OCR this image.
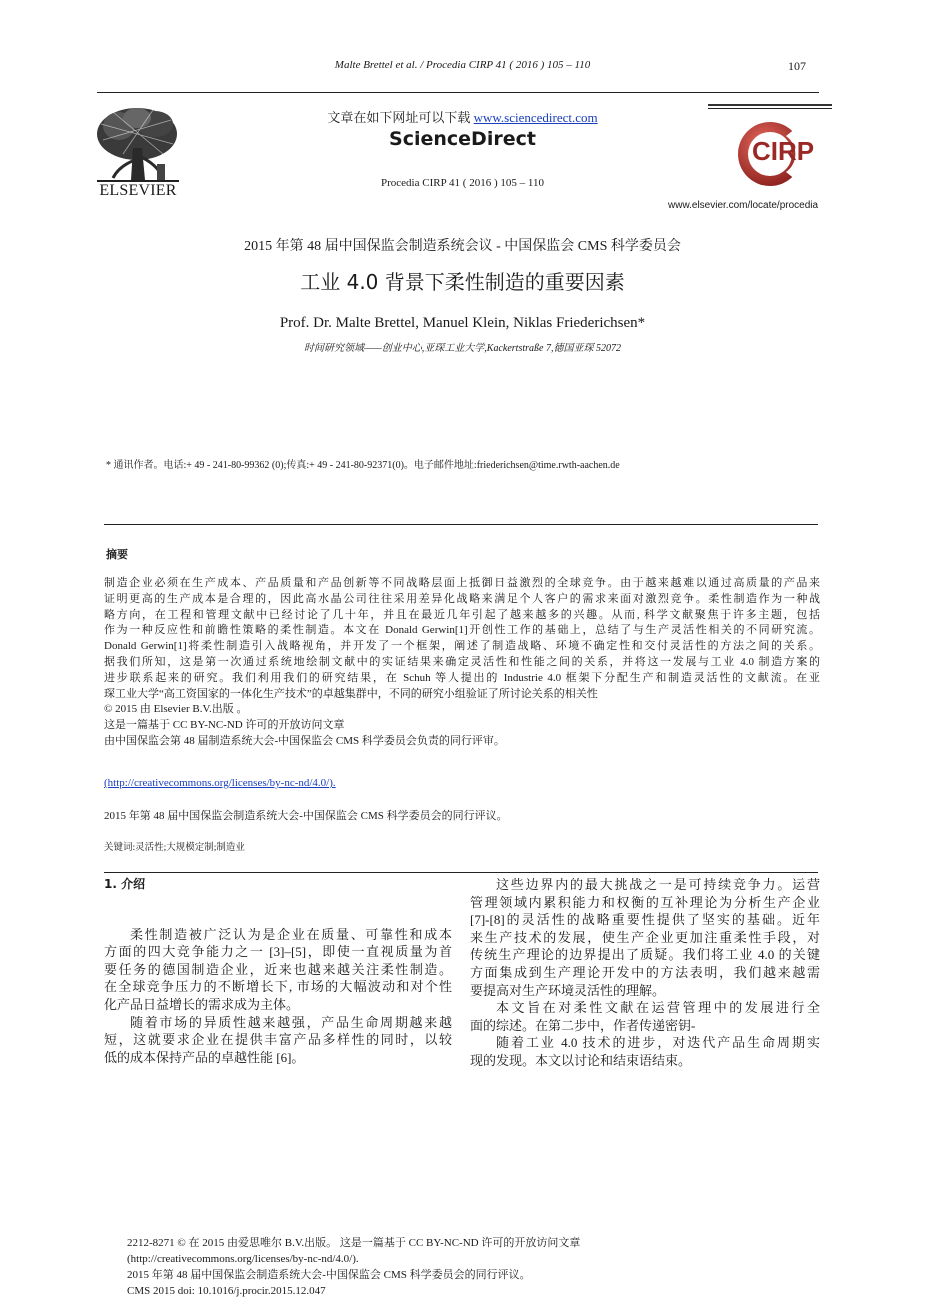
Malte Brettel et al. / Procedia CIRP 41 ( 2016 ) 105 – 110	107
ELSEVIER
文章在如下网址可以下载 www.sciencedirect.com
ScienceDirect
Procedia CIRP 41 ( 2016 ) 105 – 110
CIRP
www.elsevier.com/locate/procedia
2015 年第 48 届中国保监会制造系统会议 - 中国保监会 CMS 科学委员会
工业 4.0 背景下柔性制造的重要因素
Prof. Dr. Malte Brettel, Manuel Klein, Niklas Friederichsen*
时间研究领域——创业中心,亚琛工业大学,Kackertstraße 7,德国亚琛 52072
* 通讯作者。电话:+ 49 - 241-80-99362 (0);传真:+ 49 - 241-80-92371(0)。电子邮件地址:friederichsen@time.rwth-aachen.de
摘要

制造企业必须在生产成本、产品质量和产品创新等不同战略层面上抵御日益激烈的全球竞争。由于越来越难以通过高质量的产品来

证明更高的生产成本是合理的，因此高水晶公司往往采用差异化战略来满足个人客户的需求来面对激烈竞争。柔性制造作为一种战

略方向，在工程和管理文献中已经讨论了几十年，并且在最近几年引起了越来越多的兴趣。从而, 科学文献聚焦于许多主题，包括

作为一种反应性和前瞻性策略的柔性制造。本文在 Donald Gerwin[1]开创性工作的基础上，总结了与生产灵活性相关的不同研究流。

Donald Gerwin[1]将柔性制造引入战略视角，并开发了一个框架，阐述了制造战略、环境不确定性和交付灵活性的方法之间的关系。

据我们所知，这是第一次通过系统地绘制文献中的实证结果来确定灵活性和性能之间的关系，并将这一发展与工业 4.0 制造方案的

进步联系起来的研究。我们利用我们的研究结果，在 Schuh 等人提出的 Industrie 4.0 框架下分配生产和制造灵活性的文献流。在亚

琛工业大学“高工资国家的一体化生产技术”的卓越集群中，不同的研究小组验证了所讨论关系的相关性

© 2015 由 Elsevier B.V.出版 。

这是一篇基于 CC BY-NC-ND 许可的开放访问文章

由中国保监会第 48 届制造系统大会-中国保监会 CMS 科学委员会负责的同行评审。

(http://creativecommons.org/licenses/by-nc-nd/4.0/).
2015 年第 48 届中国保监会制造系统大会-中国保监会 CMS 科学委员会的同行评议。
关键词:灵活性;大规模定制;制造业

1. 介绍

柔性制造被广泛认为是企业在质量、可靠性和成本

方面的四大竞争能力之一 [3]–[5]，即使一直视质量为首

要任务的德国制造企业，近来也越来越关注柔性制造。

在全球竞争压力的不断增长下, 市场的大幅波动和对个性

化产品日益增长的需求成为主体。

随着市场的异质性越来越强，产品生命周期越来越

短，这就要求企业在提供丰富产品多样性的同时，以较

低的成本保持产品的卓越性能 [6]。

这些边界内的最大挑战之一是可持续竞争力。运营

管理领域内累积能力和权衡的互补理论为分析生产企业

[7]-[8]的灵活性的战略重要性提供了坚实的基础。近年

来生产技术的发展，使生产企业更加注重柔性手段，对

传统生产理论的边界提出了质疑。我们将工业 4.0 的关键

方面集成到生产理论开发中的方法表明，我们越来越需

要提高对生产环境灵活性的理解。

本文旨在对柔性文献在运营管理中的发展进行全

面的综述。在第二步中，作者传递密钥-

随着工业 4.0 技术的进步，对迭代产品生命周期实

现的发现。本文以讨论和结束语结束。

2212-8271 © 在 2015 由爱思唯尔 B.V.出版。 这是一篇基于 CC BY-NC-ND 许可的开放访问文章
(http://creativecommons.org/licenses/by-nc-nd/4.0/).
2015 年第 48 届中国保监会制造系统大会-中国保监会 CMS 科学委员会的同行评议。
CMS 2015 doi: 10.1016/j.procir.2015.12.047
